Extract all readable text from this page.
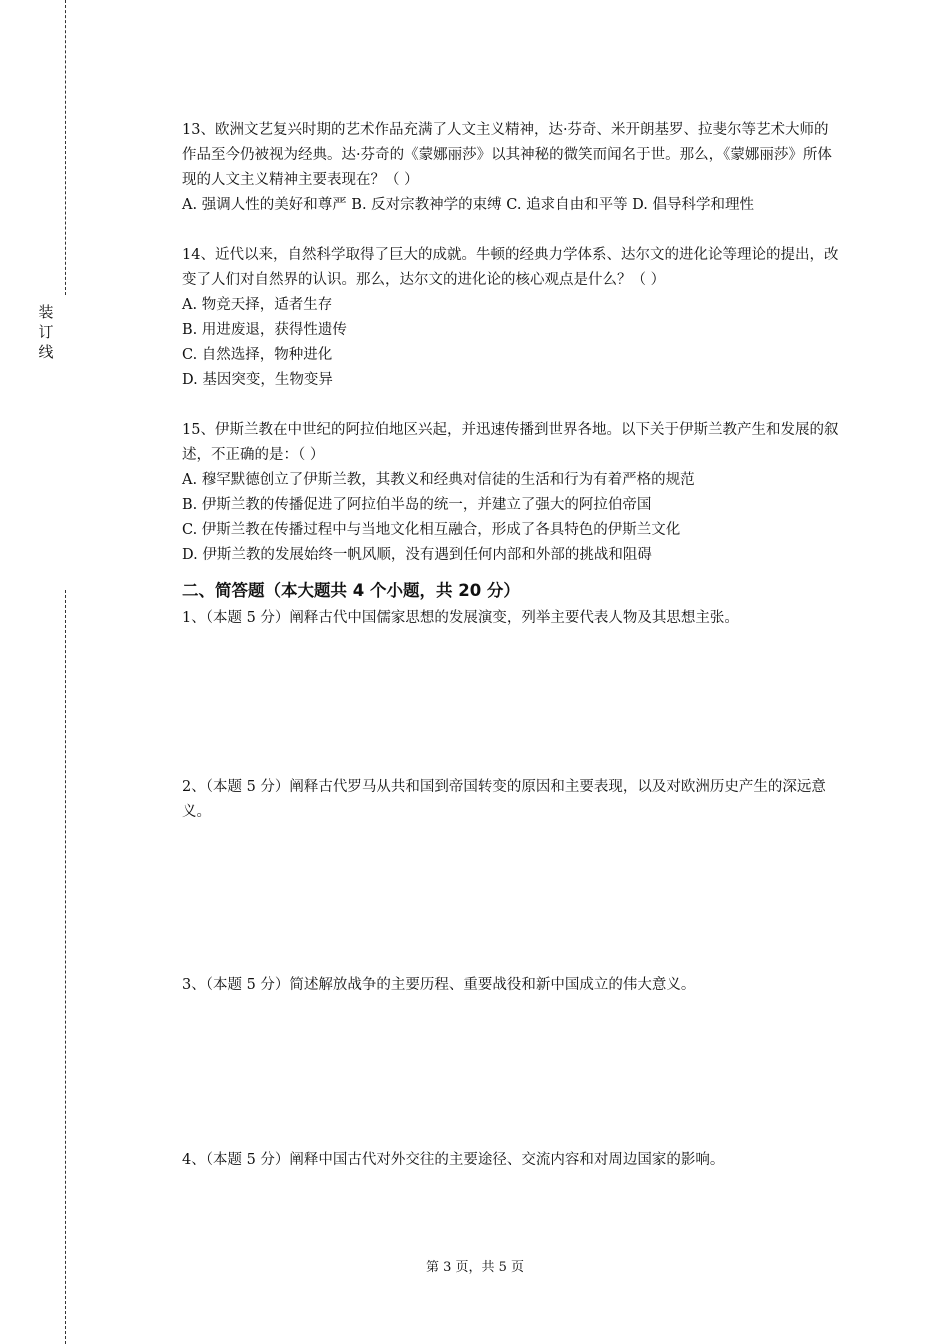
装
订
线

13、欧洲文艺复兴时期的艺术作品充满了人文主义精神，达·芬奇、米开朗基罗、拉斐尔等艺术大师的作品至今仍被视为经典。达·芬奇的《蒙娜丽莎》以其神秘的微笑而闻名于世。那么，《蒙娜丽莎》所体现的人文主义精神主要表现在？（ ）

A. 强调人性的美好和尊严 B. 反对宗教神学的束缚 C. 追求自由和平等 D. 倡导科学和理性

14、近代以来，自然科学取得了巨大的成就。牛顿的经典力学体系、达尔文的进化论等理论的提出，改变了人们对自然界的认识。那么，达尔文的进化论的核心观点是什么？（ ）

A. 物竞天择，适者生存

B. 用进废退，获得性遗传

C. 自然选择，物种进化

D. 基因突变，生物变异

15、伊斯兰教在中世纪的阿拉伯地区兴起，并迅速传播到世界各地。以下关于伊斯兰教产生和发展的叙述，不正确的是：（ ）

A. 穆罕默德创立了伊斯兰教，其教义和经典对信徒的生活和行为有着严格的规范

B. 伊斯兰教的传播促进了阿拉伯半岛的统一，并建立了强大的阿拉伯帝国

C. 伊斯兰教在传播过程中与当地文化相互融合，形成了各具特色的伊斯兰文化

D. 伊斯兰教的发展始终一帆风顺，没有遇到任何内部和外部的挑战和阻碍

二、简答题（本大题共 4 个小题，共 20 分）

1、（本题 5 分）阐释古代中国儒家思想的发展演变，列举主要代表人物及其思想主张。

2、（本题 5 分）阐释古代罗马从共和国到帝国转变的原因和主要表现，以及对欧洲历史产生的深远意义。

3、（本题 5 分）简述解放战争的主要历程、重要战役和新中国成立的伟大意义。

4、（本题 5 分）阐释中国古代对外交往的主要途径、交流内容和对周边国家的影响。

第 3 页，共 5 页
